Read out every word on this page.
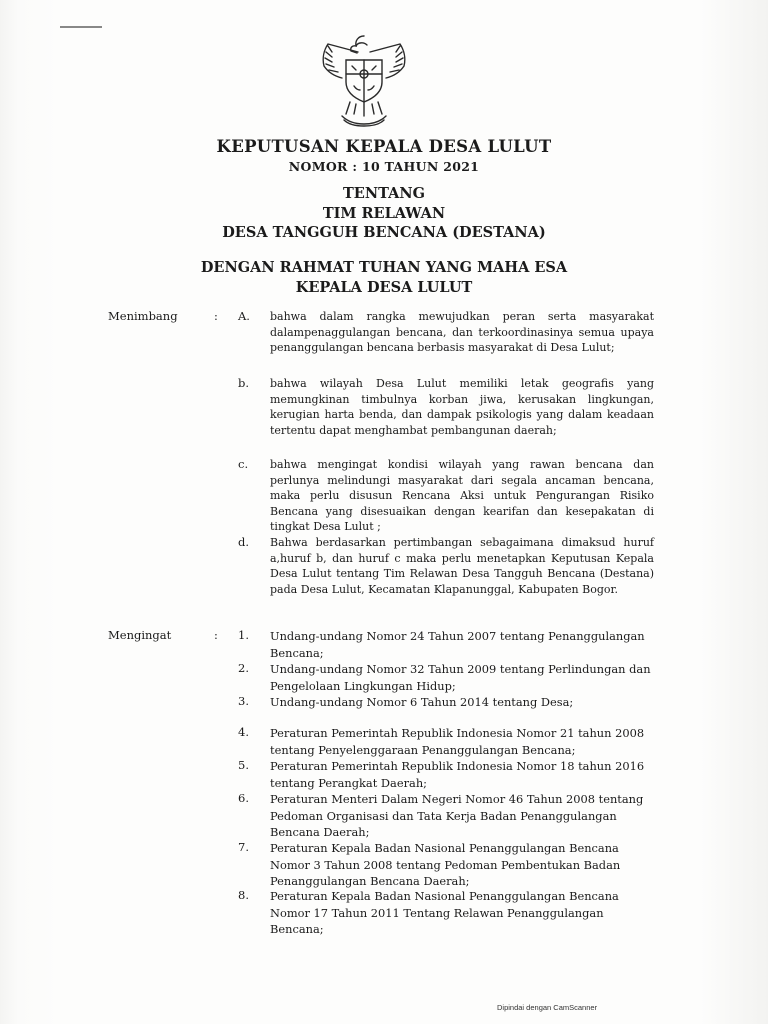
KEPUTUSAN KEPALA DESA LULUT
NOMOR : 10 TAHUN 2021
TENTANG
TIM RELAWAN
DESA TANGGUH BENCANA (DESTANA)
DENGAN RAHMAT TUHAN YANG MAHA ESA
KEPALA DESA LULUT
Menimbang	: A.	bahwa dalam rangka mewujudkan peran serta masyarakat dalampenaggulangan bencana, dan terkoordinasinya semua upaya penanggulangan bencana berbasis masyarakat di Desa Lulut;
b.	bahwa wilayah Desa Lulut memiliki letak geografis yang memungkinan timbulnya korban jiwa, kerusakan lingkungan, kerugian harta benda, dan dampak psikologis yang dalam keadaan tertentu dapat menghambat pembangunan daerah;
c.	bahwa mengingat kondisi wilayah yang rawan bencana dan perlunya melindungi masyarakat dari segala ancaman bencana, maka perlu disusun Rencana Aksi untuk Pengurangan Risiko Bencana yang disesuaikan dengan kearifan dan kesepakatan di tingkat Desa Lulut ;
d.	Bahwa berdasarkan pertimbangan sebagaimana dimaksud huruf a,huruf b, dan huruf c maka perlu menetapkan Keputusan Kepala Desa Lulut tentang Tim Relawan Desa Tangguh Bencana (Destana) pada Desa Lulut, Kecamatan Klapanunggal, Kabupaten Bogor.
Mengingat	: 1.	Undang-undang Nomor 24 Tahun 2007 tentang Penanggulangan Bencana;
2.	Undang-undang Nomor 32 Tahun 2009 tentang Perlindungan dan Pengelolaan Lingkungan Hidup;
3.	Undang-undang Nomor 6 Tahun 2014 tentang Desa;
4.	Peraturan Pemerintah Republik Indonesia Nomor 21 tahun 2008 tentang Penyelenggaraan Penanggulangan Bencana;
5.	Peraturan Pemerintah Republik Indonesia Nomor 18 tahun 2016 tentang Perangkat Daerah;
6.	Peraturan Menteri Dalam Negeri Nomor 46 Tahun 2008 tentang Pedoman Organisasi dan Tata Kerja Badan Penanggulangan Bencana Daerah;
7.	Peraturan Kepala Badan Nasional Penanggulangan Bencana Nomor 3 Tahun 2008 tentang Pedoman Pembentukan Badan Penanggulangan Bencana Daerah;
8.	Peraturan Kepala Badan Nasional Penanggulangan Bencana Nomor 17 Tahun 2011 Tentang Relawan Penanggulangan Bencana;
Dipindai dengan CamScanner
